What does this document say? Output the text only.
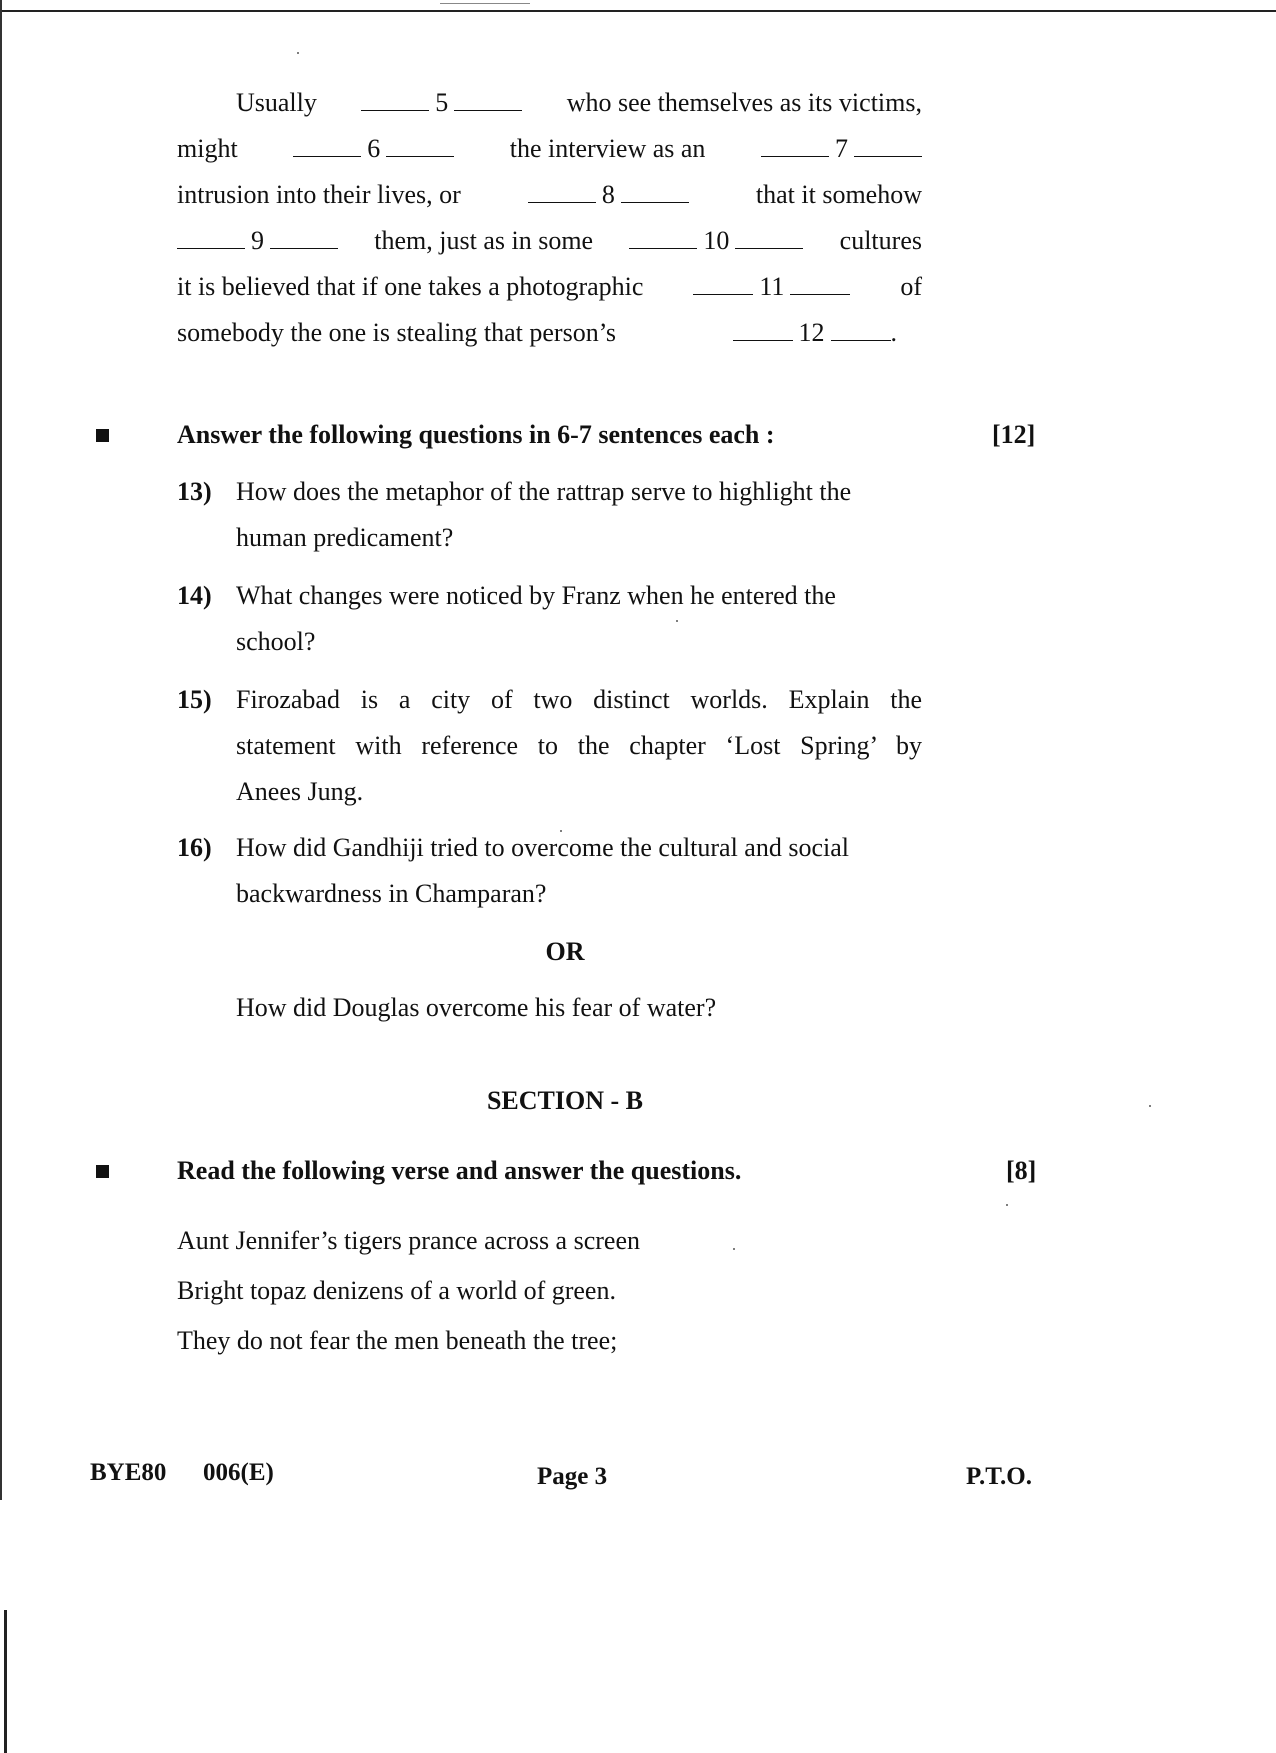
Usually	5	who see themselves as its victims,
might	6	the interview as an	7
intrusion into their lives, or	8	that it somehow
9	them, just as in some	10	cultures
it is believed that if one takes a photographic	11	of
somebody the one is stealing that person’s	12	.
Answer the following questions in 6-7 sentences each :	[12]
13) How does the metaphor of the rattrap serve to highlight the
human predicament?
14) What changes were noticed by Franz when he entered the
school?
15) Firozabad is a city of two distinct worlds. Explain the
statement with reference to the chapter ‘Lost Spring’ by
Anees Jung.
16) How did Gandhiji tried to overcome the cultural and social
backwardness in Champaran?
OR
How did Douglas overcome his fear of water?
SECTION - B
Read the following verse and answer the questions.	[8]
Aunt Jennifer’s tigers prance across a screen
Bright topaz denizens of a world of green.
They do not fear the men beneath the tree;
BYE80 006(E)	Page 3	P.T.O.
